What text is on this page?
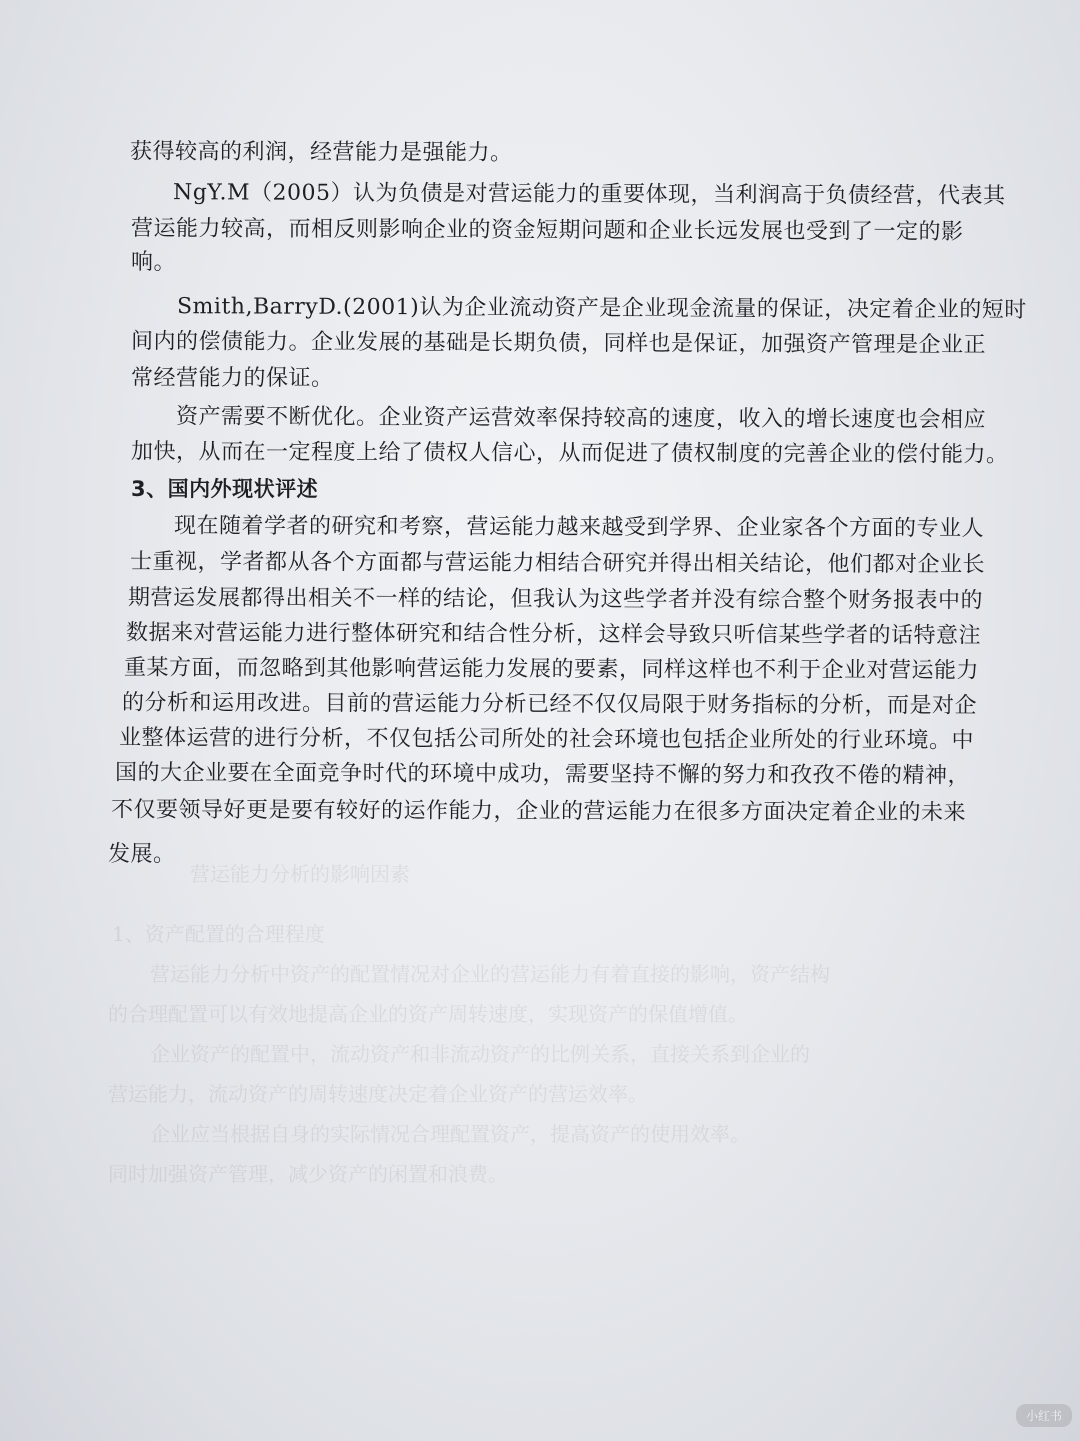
营运能力分析的影响因素
1、资产配置的合理程度
营运能力分析中资产的配置情况对企业的营运能力有着直接的影响，资产结构
的合理配置可以有效地提高企业的资产周转速度，实现资产的保值增值。
企业资产的配置中，流动资产和非流动资产的比例关系，直接关系到企业的
营运能力，流动资产的周转速度决定着企业资产的营运效率。
企业应当根据自身的实际情况合理配置资产，提高资产的使用效率。
同时加强资产管理，减少资产的闲置和浪费。
获得较高的利润，经营能力是强能力。
NgY.M（2005）认为负债是对营运能力的重要体现，当利润高于负债经营，代表其
营运能力较高，而相反则影响企业的资金短期问题和企业长远发展也受到了一定的影
响。
Smith,BarryD.(2001)认为企业流动资产是企业现金流量的保证，决定着企业的短时
间内的偿债能力。企业发展的基础是长期负债，同样也是保证，加强资产管理是企业正
常经营能力的保证。
资产需要不断优化。企业资产运营效率保持较高的速度，收入的增长速度也会相应
加快，从而在一定程度上给了债权人信心，从而促进了债权制度的完善企业的偿付能力。
3、国内外现状评述
现在随着学者的研究和考察，营运能力越来越受到学界、企业家各个方面的专业人
士重视，学者都从各个方面都与营运能力相结合研究并得出相关结论，他们都对企业长
期营运发展都得出相关不一样的结论，但我认为这些学者并没有综合整个财务报表中的
数据来对营运能力进行整体研究和结合性分析，这样会导致只听信某些学者的话特意注
重某方面，而忽略到其他影响营运能力发展的要素，同样这样也不利于企业对营运能力
的分析和运用改进。目前的营运能力分析已经不仅仅局限于财务指标的分析，而是对企
业整体运营的进行分析，不仅包括公司所处的社会环境也包括企业所处的行业环境。中
国的大企业要在全面竞争时代的环境中成功，需要坚持不懈的努力和孜孜不倦的精神，
不仅要领导好更是要有较好的运作能力，企业的营运能力在很多方面决定着企业的未来
发展。
小红书
